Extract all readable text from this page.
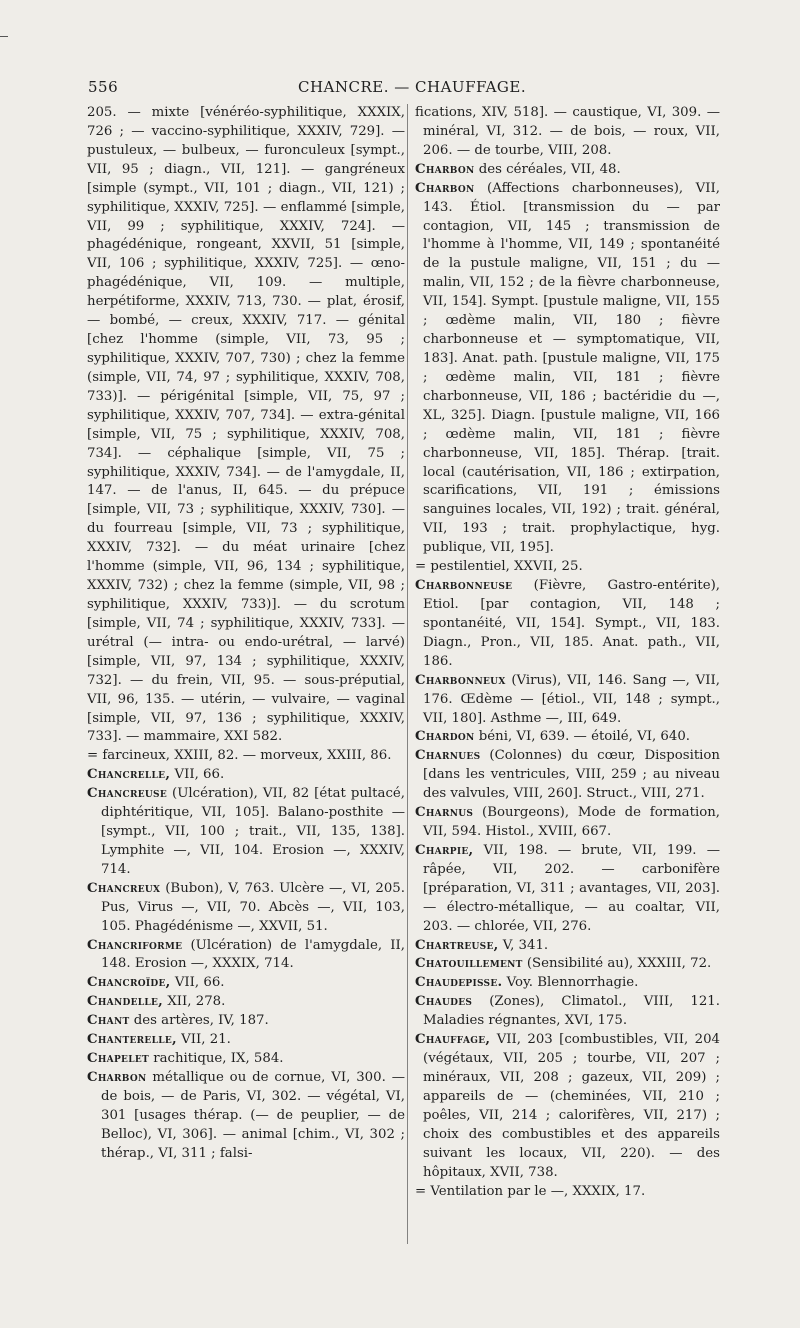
556	CHANCRE. — CHAUFFAGE.

205. — mixte [vénéréo-syphilitique, XXXIX, 726 ; — vaccino-syphilitique, XXXIV, 729]. — pustuleux, — bulbeux, — furonculeux [sympt., VII, 95 ; diagn., VII, 121]. — gangréneux [simple (sympt., VII, 101 ; diagn., VII, 121) ; syphilitique, XXXIV, 725]. — enflammé [simple, VII, 99 ; syphilitique, XXXIV, 724]. — phagédénique, rongeant, XXVII, 51 [simple, VII, 106 ; syphilitique, XXXIV, 725]. — œno-phagédénique, VII, 109. — multiple, herpétiforme, XXXIV, 713, 730. — plat, érosif, — bombé, — creux, XXXIV, 717. — génital [chez l'homme (simple, VII, 73, 95 ; syphilitique, XXXIV, 707, 730) ; chez la femme (simple, VII, 74, 97 ; syphilitique, XXXIV, 708, 733)]. — périgénital [simple, VII, 75, 97 ; syphilitique, XXXIV, 707, 734]. — extra-génital [simple, VII, 75 ; syphilitique, XXXIV, 708, 734]. — céphalique [simple, VII, 75 ; syphilitique, XXXIV, 734]. — de l'amygdale, II, 147. — de l'anus, II, 645. — du prépuce [simple, VII, 73 ; syphilitique, XXXIV, 730]. — du fourreau [simple, VII, 73 ; syphilitique, XXXIV, 732]. — du méat urinaire [chez l'homme (simple, VII, 96, 134 ; syphilitique, XXXIV, 732) ; chez la femme (simple, VII, 98 ; syphilitique, XXXIV, 733)]. — du scrotum [simple, VII, 74 ; syphilitique, XXXIV, 733]. — urétral (— intra- ou endo-urétral, — larvé) [simple, VII, 97, 134 ; syphilitique, XXXIV, 732]. — du frein, VII, 95. — sous-préputial, VII, 96, 135. — utérin, — vulvaire, — vaginal [simple, VII, 97, 136 ; syphilitique, XXXIV, 733]. — mammaire, XXI 582.

= farcineux, XXIII, 82. — morveux, XXIII, 86.

Chancrelle, VII, 66.

Chancreuse (Ulcération), VII, 82 [état pultacé, diphtéritique, VII, 105]. Balano-posthite — [sympt., VII, 100 ; trait., VII, 135, 138]. Lymphite —, VII, 104. Erosion —, XXXIV, 714.

Chancreux (Bubon), V, 763. Ulcère —, VI, 205. Pus, Virus —, VII, 70. Abcès —, VII, 103, 105. Phagédénisme —, XXVII, 51.

Chancriforme (Ulcération) de l'amygdale, II, 148. Erosion —, XXXIX, 714.

Chancroïde, VII, 66.

Chandelle, XII, 278.

Chant des artères, IV, 187.

Chanterelle, VII, 21.

Chapelet rachitique, IX, 584.

Charbon métallique ou de cornue, VI, 300. — de bois, — de Paris, VI, 302. — végétal, VI, 301 [usages thérap. (— de peuplier, — de Belloc), VI, 306]. — animal [chim., VI, 302 ; thérap., VI, 311 ; falsi-

fications, XIV, 518]. — caustique, VI, 309. — minéral, VI, 312. — de bois, — roux, VII, 206. — de tourbe, VIII, 208.

Charbon des céréales, VII, 48.

Charbon (Affections charbonneuses), VII, 143. Étiol. [transmission du — par contagion, VII, 145 ; transmission de l'homme à l'homme, VII, 149 ; spontanéité de la pustule maligne, VII, 151 ; du — malin, VII, 152 ; de la fièvre charbonneuse, VII, 154]. Sympt. [pustule maligne, VII, 155 ; œdème malin, VII, 180 ; fièvre charbonneuse et — symptomatique, VII, 183]. Anat. path. [pustule maligne, VII, 175 ; œdème malin, VII, 181 ; fièvre charbonneuse, VII, 186 ; bactéridie du —, XL, 325]. Diagn. [pustule maligne, VII, 166 ; œdème malin, VII, 181 ; fièvre charbonneuse, VII, 185]. Thérap. [trait. local (cautérisation, VII, 186 ; extirpation, scarifications, VII, 191 ; émissions sanguines locales, VII, 192) ; trait. général, VII, 193 ; trait. prophylactique, hyg. publique, VII, 195].

= pestilentiel, XXVII, 25.

Charbonneuse (Fièvre, Gastro-entérite), Etiol. [par contagion, VII, 148 ; spontanéité, VII, 154]. Sympt., VII, 183. Diagn., Pron., VII, 185. Anat. path., VII, 186.

Charbonneux (Virus), VII, 146. Sang —, VII, 176. Œdème — [étiol., VII, 148 ; sympt., VII, 180]. Asthme —, III, 649.

Chardon béni, VI, 639. — étoilé, VI, 640.

Charnues (Colonnes) du cœur, Disposition [dans les ventricules, VIII, 259 ; au niveau des valvules, VIII, 260]. Struct., VIII, 271.

Charnus (Bourgeons), Mode de formation, VII, 594. Histol., XVIII, 667.

Charpie, VII, 198. — brute, VII, 199. — râpée, VII, 202. — carbonifère [préparation, VI, 311 ; avantages, VII, 203]. — électro-métallique, — au coaltar, VII, 203. — chlorée, VII, 276.

Chartreuse, V, 341.

Chatouillement (Sensibilité au), XXXIII, 72.

Chaudepisse. Voy. Blennorrhagie.

Chaudes (Zones), Climatol., VIII, 121. Maladies régnantes, XVI, 175.

Chauffage, VII, 203 [combustibles, VII, 204 (végétaux, VII, 205 ; tourbe, VII, 207 ; minéraux, VII, 208 ; gazeux, VII, 209) ; appareils de — (cheminées, VII, 210 ; poêles, VII, 214 ; calorifères, VII, 217) ; choix des combustibles et des appareils suivant les locaux, VII, 220). — des hôpitaux, XVII, 738.

= Ventilation par le —, XXXIX, 17.
